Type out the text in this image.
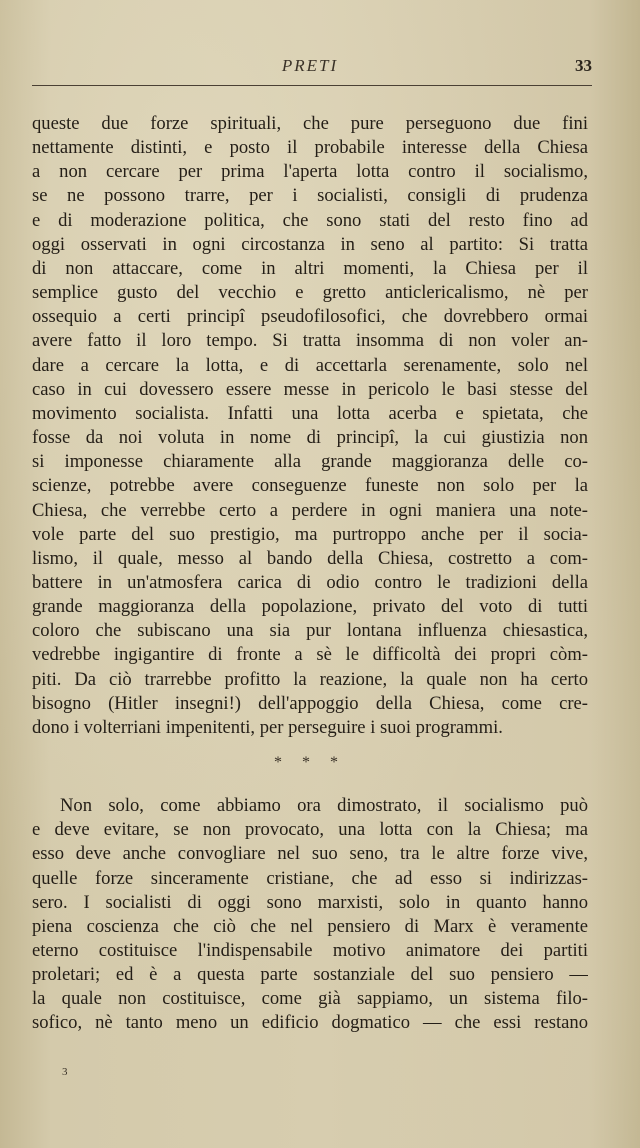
PRETI	33
queste due forze spirituali, che pure perseguono due fini
nettamente distinti, e posto il probabile interesse della Chiesa
a non cercare per prima l'aperta lotta contro il socialismo,
se ne possono trarre, per i socialisti, consigli di prudenza
e di moderazione politica, che sono stati del resto fino ad
oggi osservati in ogni circostanza in seno al partito: Si tratta
di non attaccare, come in altri momenti, la Chiesa per il
semplice gusto del vecchio e gretto anticlericalismo, nè per
ossequio a certi principî pseudofilosofici, che dovrebbero ormai
avere fatto il loro tempo. Si tratta insomma di non voler an-
dare a cercare la lotta, e di accettarla serenamente, solo nel
caso in cui dovessero essere messe in pericolo le basi stesse del
movimento socialista. Infatti una lotta acerba e spietata, che
fosse da noi voluta in nome di principî, la cui giustizia non
si imponesse chiaramente alla grande maggioranza delle co-
scienze, potrebbe avere conseguenze funeste non solo per la
Chiesa, che verrebbe certo a perdere in ogni maniera una note-
vole parte del suo prestigio, ma purtroppo anche per il socia-
lismo, il quale, messo al bando della Chiesa, costretto a com-
battere in un'atmosfera carica di odio contro le tradizioni della
grande maggioranza della popolazione, privato del voto di tutti
coloro che subiscano una sia pur lontana influenza chiesastica,
vedrebbe ingigantire di fronte a sè le difficoltà dei propri còm-
piti. Da ciò trarrebbe profitto la reazione, la quale non ha certo
bisogno (Hitler insegni!) dell'appoggio della Chiesa, come cre-
dono i volterriani impenitenti, per perseguire i suoi programmi.
* * *
Non solo, come abbiamo ora dimostrato, il socialismo può
e deve evitare, se non provocato, una lotta con la Chiesa; ma
esso deve anche convogliare nel suo seno, tra le altre forze vive,
quelle forze sinceramente cristiane, che ad esso si indirizzas-
sero. I socialisti di oggi sono marxisti, solo in quanto hanno
piena coscienza che ciò che nel pensiero di Marx è veramente
eterno costituisce l'indispensabile motivo animatore dei partiti
proletari; ed è a questa parte sostanziale del suo pensiero —
la quale non costituisce, come già sappiamo, un sistema filo-
sofico, nè tanto meno un edificio dogmatico — che essi restano
3
